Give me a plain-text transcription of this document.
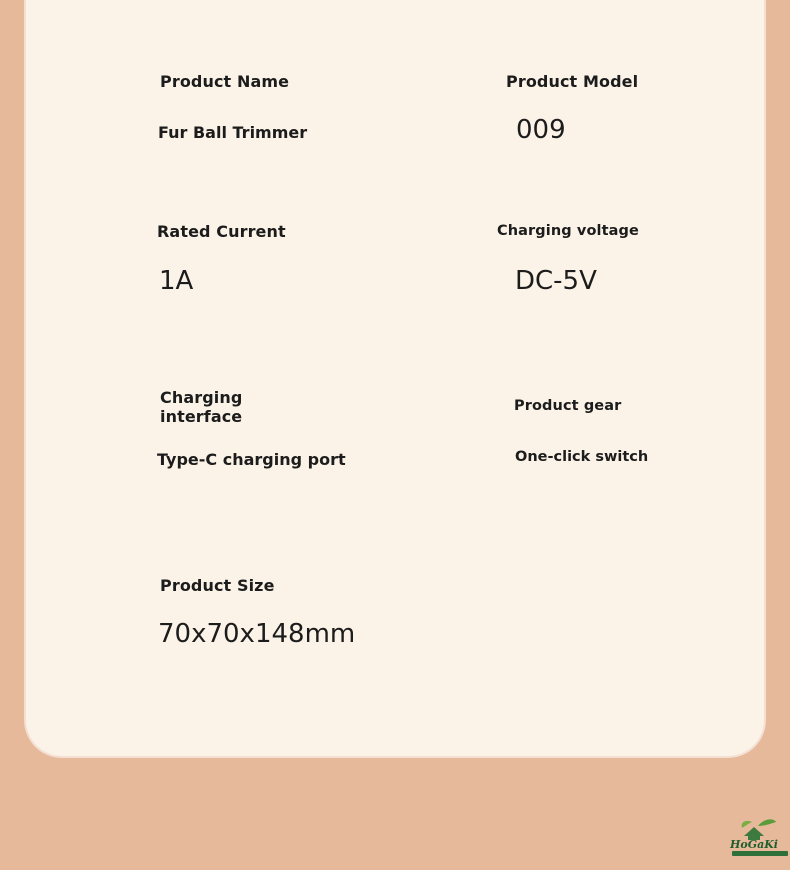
Product Name
Fur Ball Trimmer
Product Model
009
Rated Current
1A
Charging voltage
DC-5V
Charging interface
Type-C charging port
Product gear
One-click switch
Product Size
70x70x148mm
HoGaKi
